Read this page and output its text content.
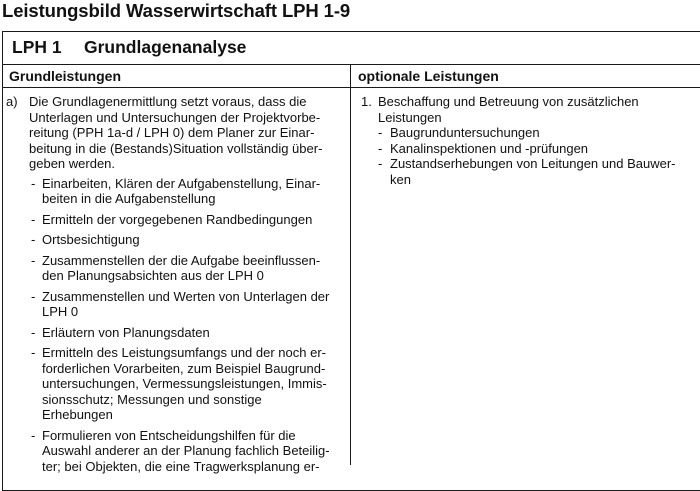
Leistungsbild Wasserwirtschaft LPH 1-9
LPH 1 Grundlagenanalyse
Grundleistungen	optionale Leistungen
a) Die Grundlagenermittlung setzt voraus, dass die
Unterlagen und Untersuchungen der Projektvorbe-
reitung (PPH 1a-d / LPH 0) dem Planer zur Einar-
beitung in die (Bestands)Situation vollständig über-
geben werden.
- Einarbeiten, Klären der Aufgabenstellung, Einar-
beiten in die Aufgabenstellung
- Ermitteln der vorgegebenen Randbedingungen
- Ortsbesichtigung
- Zusammenstellen der die Aufgabe beeinflussen-
den Planungsabsichten aus der LPH 0
- Zusammenstellen und Werten von Unterlagen der
LPH 0
- Erläutern von Planungsdaten
- Ermitteln des Leistungsumfangs und der noch er-
forderlichen Vorarbeiten, zum Beispiel Baugrund-
untersuchungen, Vermessungsleistungen, Immis-
sionsschutz; Messungen und sonstige
Erhebungen
- Formulieren von Entscheidungshilfen für die
Auswahl anderer an der Planung fachlich Beteilig-
ter; bei Objekten, die eine Tragwerksplanung er-
1. Beschaffung und Betreuung von zusätzlichen
Leistungen
- Baugrunduntersuchungen
- Kanalinspektionen und -prüfungen
- Zustandserhebungen von Leitungen und Bauwer-
ken
